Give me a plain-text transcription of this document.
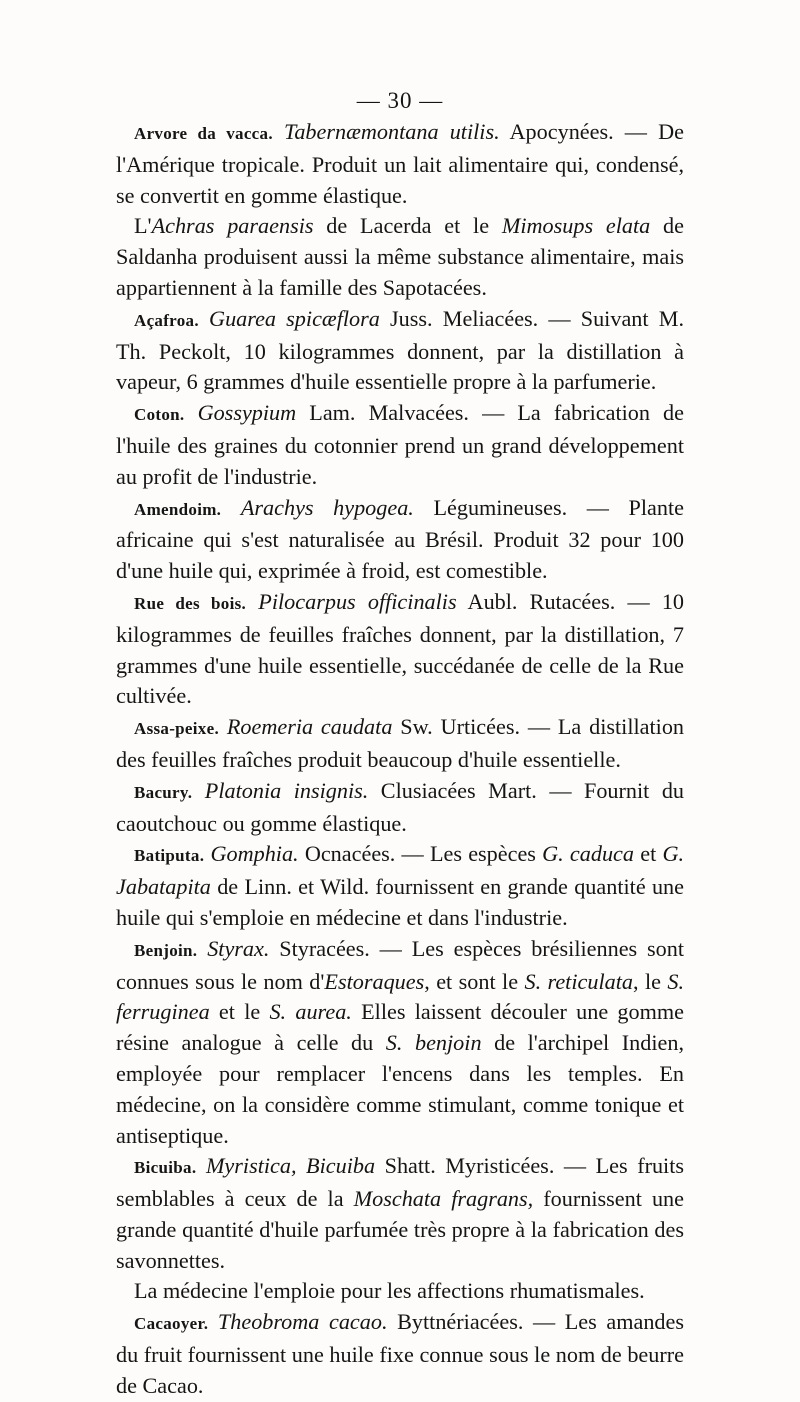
— 30 —

Arvore da vacca. Tabernæmontana utilis. Apocynées. — De l'Amérique tropicale. Produit un lait alimentaire qui, condensé, se convertit en gomme élastique.

L'Achras paraensis de Lacerda et le Mimosups elata de Saldanha produisent aussi la même substance alimentaire, mais appartiennent à la famille des Sapotacées.

Açafroa. Guarea spicæflora Juss. Meliacées. — Suivant M. Th. Peckolt, 10 kilogrammes donnent, par la distillation à vapeur, 6 grammes d'huile essentielle propre à la parfumerie.

Coton. Gossypium Lam. Malvacées. — La fabrication de l'huile des graines du cotonnier prend un grand développement au profit de l'industrie.

Amendoim. Arachys hypogea. Légumineuses. — Plante africaine qui s'est naturalisée au Brésil. Produit 32 pour 100 d'une huile qui, exprimée à froid, est comestible.

Rue des bois. Pilocarpus officinalis Aubl. Rutacées. — 10 kilogrammes de feuilles fraîches donnent, par la distillation, 7 grammes d'une huile essentielle, succédanée de celle de la Rue cultivée.

Assa-peixe. Roemeria caudata Sw. Urticées. — La distillation des feuilles fraîches produit beaucoup d'huile essentielle.

Bacury. Platonia insignis. Clusiacées Mart. — Fournit du caoutchouc ou gomme élastique.

Batiputa. Gomphia. Ocnacées. — Les espèces G. caduca et G. Jabatapita de Linn. et Wild. fournissent en grande quantité une huile qui s'emploie en médecine et dans l'industrie.

Benjoin. Styrax. Styracées. — Les espèces brésiliennes sont connues sous le nom d'Estoraques, et sont le S. reticulata, le S. ferruginea et le S. aurea. Elles laissent découler une gomme résine analogue à celle du S. benjoin de l'archipel Indien, employée pour remplacer l'encens dans les temples. En médecine, on la considère comme stimulant, comme tonique et antiseptique.

Bicuiba. Myristica, Bicuiba Shatt. Myristicées. — Les fruits semblables à ceux de la Moschata fragrans, fournissent une grande quantité d'huile parfumée très propre à la fabrication des savonnettes.

La médecine l'emploie pour les affections rhumatismales.

Cacaoyer. Theobroma cacao. Byttnériacées. — Les amandes du fruit fournissent une huile fixe connue sous le nom de beurre de Cacao.
